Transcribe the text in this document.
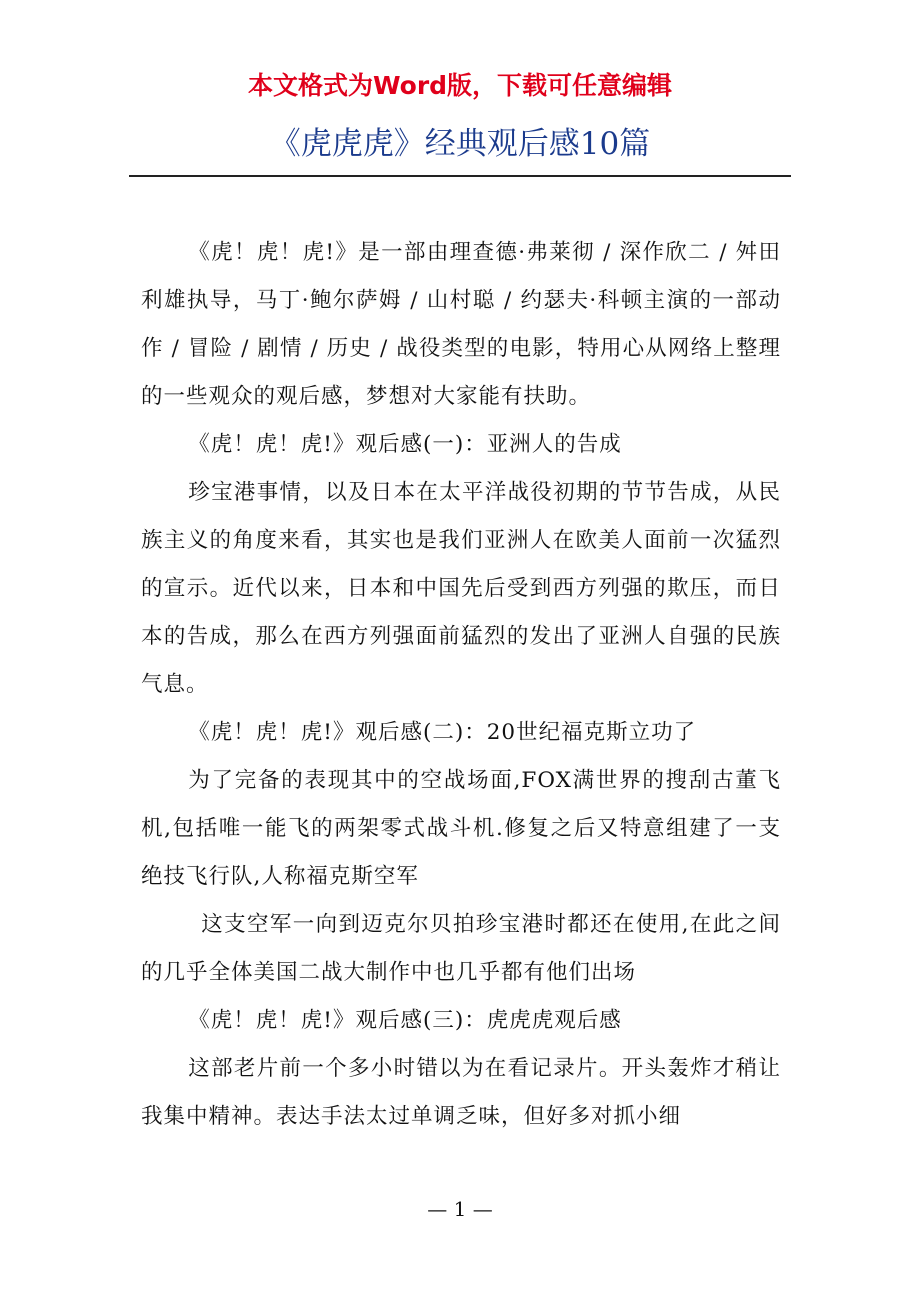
本文格式为Word版，下载可任意编辑
《虎虎虎》经典观后感10篇

《虎！虎！虎!》是一部由理查德·弗莱彻 / 深作欣二 / 舛田利雄执导，马丁·鲍尔萨姆 / 山村聪 / 约瑟夫·科顿主演的一部动作 / 冒险 / 剧情 / 历史 / 战役类型的电影，特用心从网络上整理的一些观众的观后感，梦想对大家能有扶助。

《虎！虎！虎!》观后感(一)：亚洲人的告成

珍宝港事情，以及日本在太平洋战役初期的节节告成，从民族主义的角度来看，其实也是我们亚洲人在欧美人面前一次猛烈的宣示。近代以来，日本和中国先后受到西方列强的欺压，而日本的告成，那么在西方列强面前猛烈的发出了亚洲人自强的民族气息。

《虎！虎！虎!》观后感(二)：20世纪福克斯立功了

为了完备的表现其中的空战场面,FOX满世界的搜刮古董飞机,包括唯一能飞的两架零式战斗机.修复之后又特意组建了一支绝技飞行队,人称福克斯空军

这支空军一向到迈克尔贝拍珍宝港时都还在使用,在此之间的几乎全体美国二战大制作中也几乎都有他们出场

《虎！虎！虎!》观后感(三)：虎虎虎观后感

这部老片前一个多小时错以为在看记录片。开头轰炸才稍让我集中精神。表达手法太过单调乏味，但好多对抓小细

— 1 —
